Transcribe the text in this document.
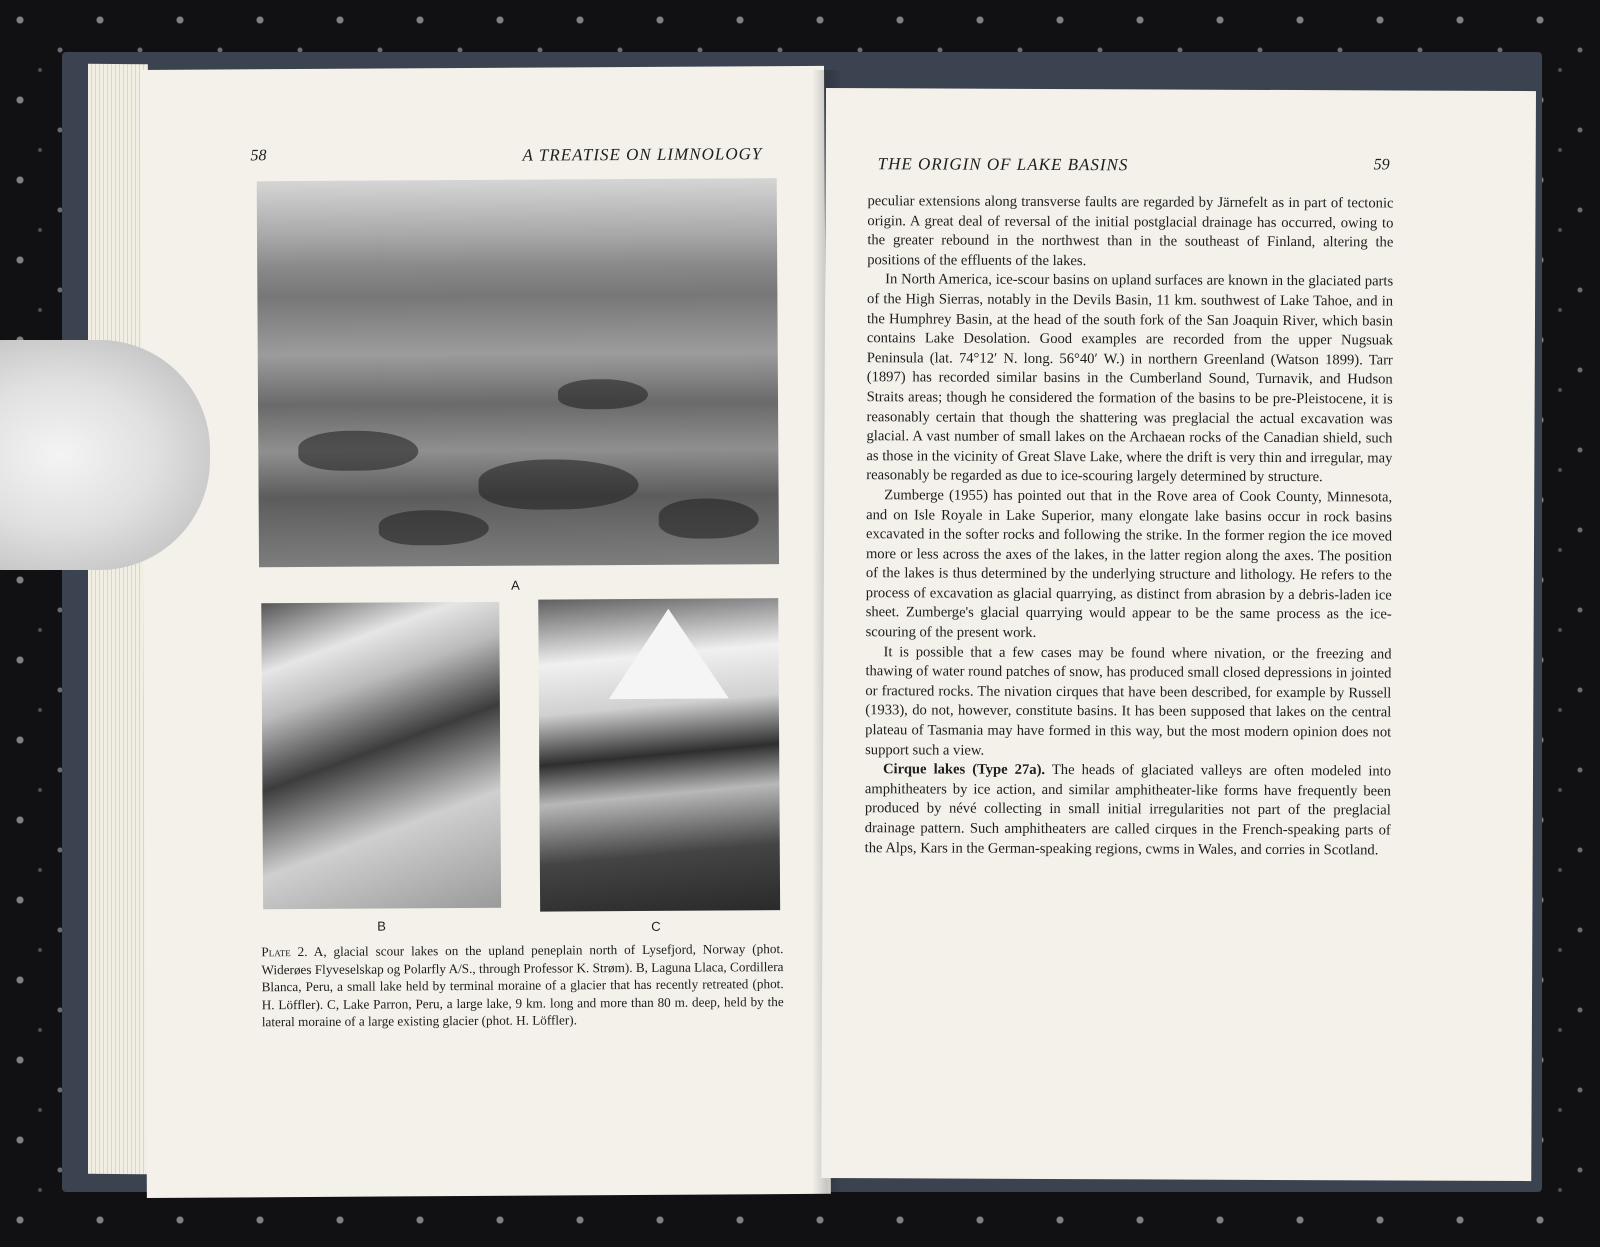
58	A TREATISE ON LIMNOLOGY
A
B	C
Plate 2. A, glacial scour lakes on the upland peneplain north of Lysefjord, Norway (phot. Widerøes Flyveselskap og Polarfly A/S., through Professor K. Strøm). B, Laguna Llaca, Cordillera Blanca, Peru, a small lake held by terminal moraine of a glacier that has recently retreated (phot. H. Löffler). C, Lake Parron, Peru, a large lake, 9 km. long and more than 80 m. deep, held by the lateral moraine of a large existing glacier (phot. H. Löffler).
THE ORIGIN OF LAKE BASINS	59

peculiar extensions along transverse faults are regarded by Järnefelt as in part of tectonic origin. A great deal of reversal of the initial postglacial drainage has occurred, owing to the greater rebound in the northwest than in the southeast of Finland, altering the positions of the effluents of the lakes.

In North America, ice-scour basins on upland surfaces are known in the glaciated parts of the High Sierras, notably in the Devils Basin, 11 km. southwest of Lake Tahoe, and in the Humphrey Basin, at the head of the south fork of the San Joaquin River, which basin contains Lake Desolation. Good examples are recorded from the upper Nugsuak Peninsula (lat. 74°12′ N. long. 56°40′ W.) in northern Greenland (Watson 1899). Tarr (1897) has recorded similar basins in the Cumberland Sound, Turnavik, and Hudson Straits areas; though he considered the formation of the basins to be pre-Pleistocene, it is reasonably certain that though the shattering was preglacial the actual excavation was glacial. A vast number of small lakes on the Archaean rocks of the Canadian shield, such as those in the vicinity of Great Slave Lake, where the drift is very thin and irregular, may reasonably be regarded as due to ice-scouring largely determined by structure.

Zumberge (1955) has pointed out that in the Rove area of Cook County, Minnesota, and on Isle Royale in Lake Superior, many elongate lake basins occur in rock basins excavated in the softer rocks and following the strike. In the former region the ice moved more or less across the axes of the lakes, in the latter region along the axes. The position of the lakes is thus determined by the underlying structure and lithology. He refers to the process of excavation as glacial quarrying, as distinct from abrasion by a debris-laden ice sheet. Zumberge's glacial quarrying would appear to be the same process as the ice-scouring of the present work.

It is possible that a few cases may be found where nivation, or the freezing and thawing of water round patches of snow, has produced small closed depressions in jointed or fractured rocks. The nivation cirques that have been described, for example by Russell (1933), do not, however, constitute basins. It has been supposed that lakes on the central plateau of Tasmania may have formed in this way, but the most modern opinion does not support such a view.

Cirque lakes (Type 27a). The heads of glaciated valleys are often modeled into amphitheaters by ice action, and similar amphitheater-like forms have frequently been produced by névé collecting in small initial irregularities not part of the preglacial drainage pattern. Such amphitheaters are called cirques in the French-speaking parts of the Alps, Kars in the German-speaking regions, cwms in Wales, and corries in Scotland.
